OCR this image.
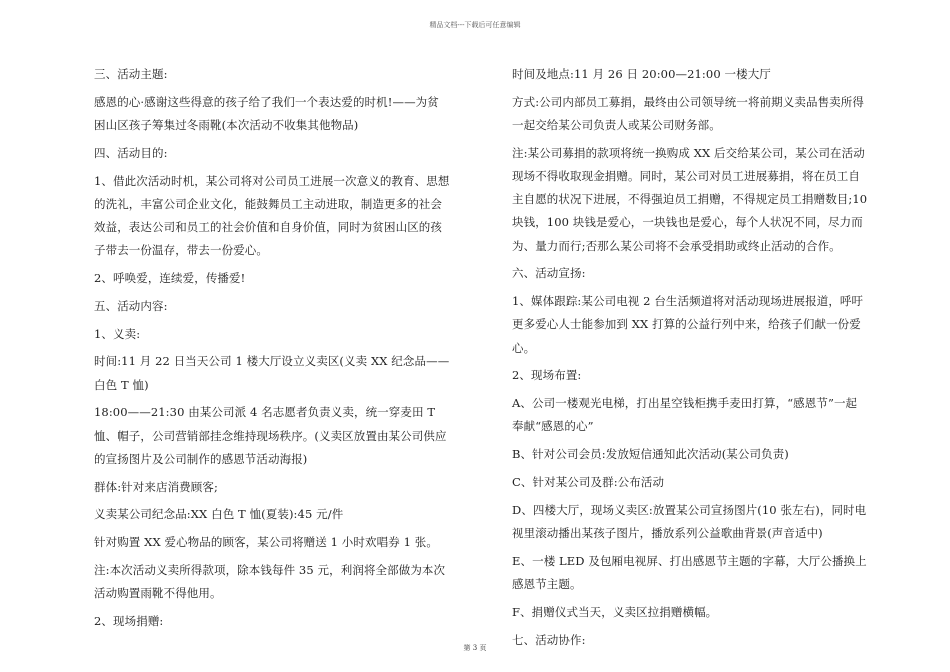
精品文档---下载后可任意编辑

三、活动主题:

感恩的心·感谢这些得意的孩子给了我们一个表达爱的时机!——为贫困山区孩子筹集过冬雨靴(本次活动不收集其他物品)

四、活动目的:

1、借此次活动时机，某公司将对公司员工进展一次意义的教育、思想的洗礼，丰富公司企业文化，能鼓舞员工主动进取，制造更多的社会效益，表达公司和员工的社会价值和自身价值，同时为贫困山区的孩子带去一份温存，带去一份爱心。

2、呼唤爱，连续爱，传播爱!

五、活动内容:

1、义卖:

时间:11 月 22 日当天公司 1 楼大厅设立义卖区(义卖 XX 纪念品——白色 T 恤)

18:00——21:30 由某公司派 4 名志愿者负责义卖，统一穿麦田 T 恤、帽子，公司营销部挂念维持现场秩序。(义卖区放置由某公司供应的宣扬图片及公司制作的感恩节活动海报)

群体:针对来店消费顾客;

义卖某公司纪念品:XX 白色 T 恤(夏装):45 元/件

针对购置 XX 爱心物品的顾客，某公司将赠送 1 小时欢唱券 1 张。

注:本次活动义卖所得款项，除本钱每件 35 元，利润将全部做为本次活动购置雨靴不得他用。

2、现场捐赠:

时间及地点:11 月 26 日 20:00—21:00 一楼大厅

方式:公司内部员工募捐，最终由公司领导统一将前期义卖品售卖所得一起交给某公司负责人或某公司财务部。

注:某公司募捐的款项将统一换购成 XX 后交给某公司，某公司在活动现场不得收取现金捐赠。同时，某公司对员工进展募捐，将在员工自主自愿的状况下进展，不得强迫员工捐赠，不得规定员工捐赠数目;10 块钱，100 块钱是爱心，一块钱也是爱心，每个人状况不同，尽力而为、量力而行;否那么某公司将不会承受捐助或终止活动的合作。

六、活动宣扬:

1、媒体跟踪:某公司电视 2 台生活频道将对活动现场进展报道，呼吁更多爱心人士能参加到 XX 打算的公益行列中来，给孩子们献一份爱心。

2、现场布置:

A、公司一楼观光电梯，打出星空钱柜携手麦田打算，“感恩节”一起奉献“感恩的心”

B、针对公司会员:发放短信通知此次活动(某公司负责)

C、针对某公司及群:公布活动

D、四楼大厅，现场义卖区:放置某公司宣扬图片(10 张左右)，同时电视里滚动播出某孩子图片，播放系列公益歌曲背景(声音适中)

E、一楼 LED 及包厢电视屏、打出感恩节主题的字幕，大厅公播换上感恩节主题。

F、捐赠仪式当天，义卖区拉捐赠横幅。

七、活动协作:

第 3 页
